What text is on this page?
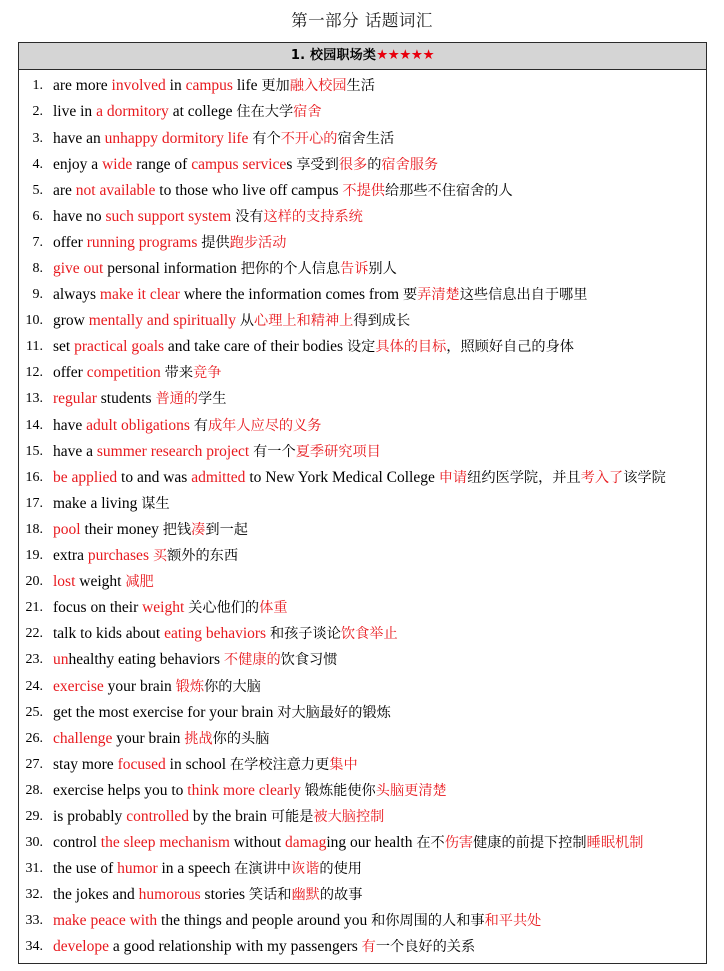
第一部分 话题词汇
1. 校园职场类★★★★★
1. are more involved in campus life 更加融入校园生活
2. live in a dormitory at college 住在大学宿舍
3. have an unhappy dormitory life 有个不开心的宿舍生活
4. enjoy a wide range of campus services 享受到很多的宿舍服务
5. are not available to those who live off campus 不提供给那些不住宿舍的人
6. have no such support system 没有这样的支持系统
7. offer running programs 提供跑步活动
8. give out personal information 把你的个人信息告诉别人
9. always make it clear where the information comes from 要弄清楚这些信息出自于哪里
10. grow mentally and spiritually 从心理上和精神上得到成长
11. set practical goals and take care of their bodies 设定具体的目标，照顾好自己的身体
12. offer competition 带来竞争
13. regular students 普通的学生
14. have adult obligations 有成年人应尽的义务
15. have a summer research project 有一个夏季研究项目
16. be applied to and was admitted to New York Medical College 申请纽约医学院，并且考入了该学院
17. make a living 谋生
18. pool their money 把钱凑到一起
19. extra purchases 买额外的东西
20. lost weight 减肥
21. focus on their weight 关心他们的体重
22. talk to kids about eating behaviors 和孩子谈论饮食举止
23. unhealthy eating behaviors 不健康的饮食习惯
24. exercise your brain 锻炼你的大脑
25. get the most exercise for your brain 对大脑最好的锻炼
26. challenge your brain 挑战你的头脑
27. stay more focused in school 在学校注意力更集中
28. exercise helps you to think more clearly 锻炼能使你头脑更清楚
29. is probably controlled by the brain 可能是被大脑控制
30. control the sleep mechanism without damaging our health 在不伤害健康的前提下控制睡眠机制
31. the use of humor in a speech 在演讲中诙谐的使用
32. the jokes and humorous stories 笑话和幽默的故事
33. make peace with the things and people around you 和你周围的人和事和平共处
34. develope a good relationship with my passengers 有一个良好的关系
